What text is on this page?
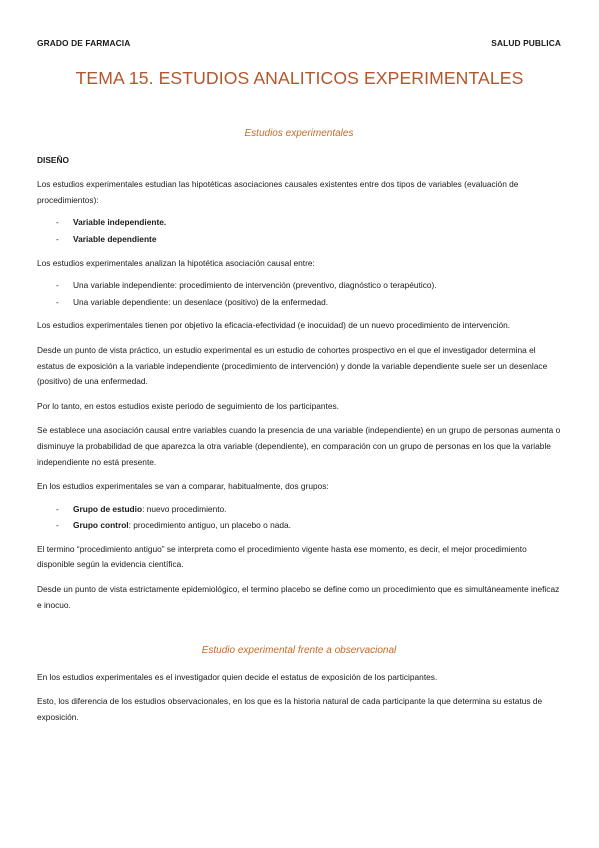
GRADO DE FARMACIA	SALUD PUBLICA
TEMA 15. ESTUDIOS ANALITICOS EXPERIMENTALES
Estudios experimentales
DISEÑO

Los estudios experimentales estudian las hipotéticas asociaciones causales existentes entre dos tipos de variables (evaluación de procedimientos):

- Variable independiente.
- Variable dependiente

Los estudios experimentales analizan la hipotética asociación causal entre:

- Una variable independiente: procedimiento de intervención (preventivo, diagnóstico o terapéutico).
- Una variable dependiente: un desenlace (positivo) de la enfermedad.

Los estudios experimentales tienen por objetivo la eficacia-efectividad (e inocuidad) de un nuevo procedimiento de intervención.

Desde un punto de vista práctico, un estudio experimental es un estudio de cohortes prospectivo en el que el investigador determina el estatus de exposición a la variable independiente (procedimiento de intervención) y donde la variable dependiente suele ser un desenlace (positivo) de una enfermedad.

Por lo tanto, en estos estudios existe periodo de seguimiento de los participantes.

Se establece una asociación causal entre variables cuando la presencia de una variable (independiente) en un grupo de personas aumenta o disminuye la probabilidad de que aparezca la otra variable (dependiente), en comparación con un grupo de personas en los que la variable independiente no está presente.

En los estudios experimentales se van a comparar, habitualmente, dos grupos:

- Grupo de estudio: nuevo procedimiento.
- Grupo control: procedimiento antiguo, un placebo o nada.

El termino “procedimiento antiguo” se interpreta como el procedimiento vigente hasta ese momento, es decir, el mejor procedimiento disponible según la evidencia científica.

Desde un punto de vista estrictamente epidemiológico, el termino placebo se define como un procedimiento que es simultáneamente ineficaz e inocuo.

Estudio experimental frente a observacional

En los estudios experimentales es el investigador quien decide el estatus de exposición de los participantes.

Esto, los diferencia de los estudios observacionales, en los que es la historia natural de cada participante la que determina su estatus de exposición.
